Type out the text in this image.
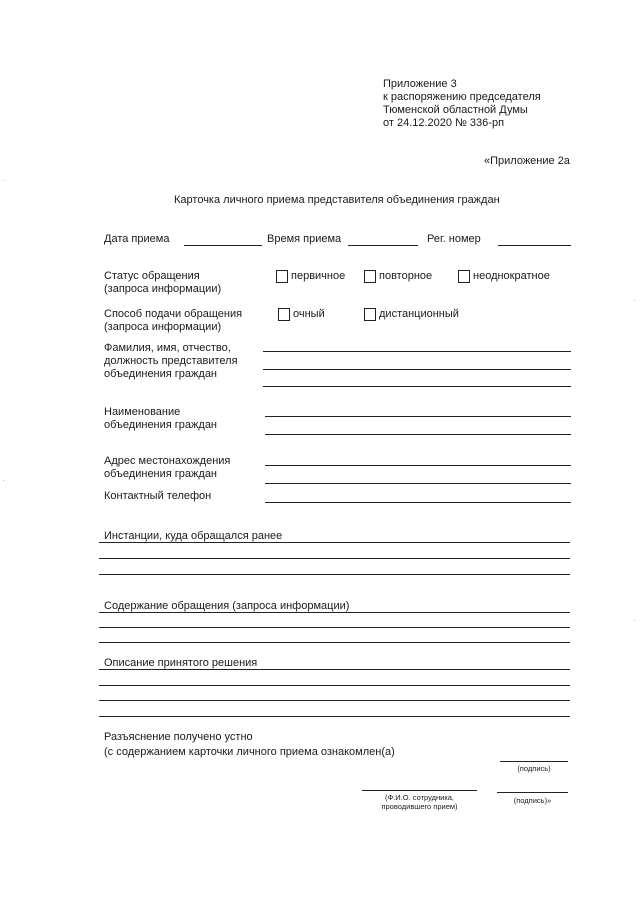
Приложение 3
к распоряжению председателя
Тюменской областной Думы
от 24.12.2020 № 336-рп
«Приложение 2а
Карточка личного приема представителя объединения граждан
Дата приема	Время приема	Рег. номер
Статус обращения
(запроса информации)
первичное	повторное	неоднократное
Способ подачи обращения
(запроса информации)
очный	дистанционный
Фамилия, имя, отчество,
должность представителя
объединения граждан
Наименование
объединения граждан
Адрес местонахождения
объединения граждан
Контактный телефон
Инстанции, куда обращался ранее
Содержание обращения (запроса информации)
Описание принятого решения
Разъяснение получено устно
(с содержанием карточки личного приема ознакомлен(а)
(подпись)
(Ф.И.О. сотрудника,
проводившего прием)
(подпись)»
